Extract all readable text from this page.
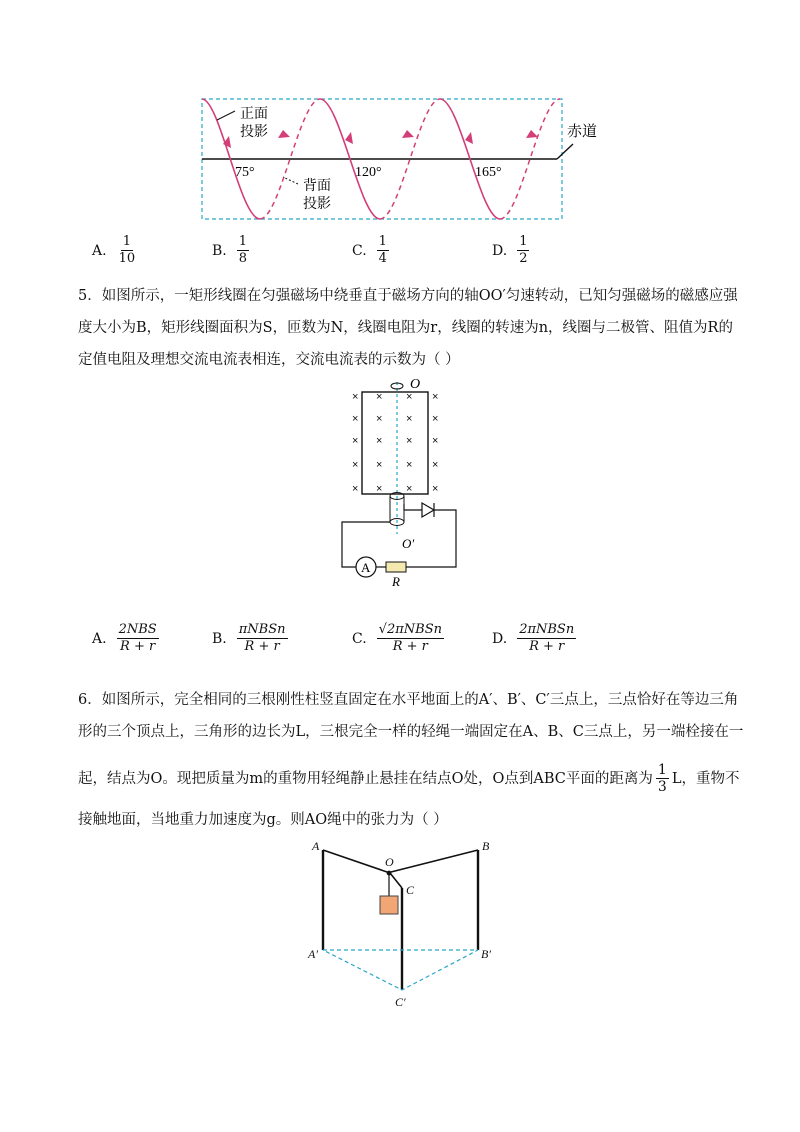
正面
投影
背面
投影
赤道
75°	120°	165°
A. $\frac{1}{10}$	B. $\frac{1}{8}$	C. $\frac{1}{4}$	D. $\frac{1}{2}$
5．如图所示，一矩形线圈在匀强磁场中绕垂直于磁场方向的轴OO′匀速转动，已知匀强磁场的磁感应强
度大小为B，矩形线圈面积为S，匝数为N，线圈电阻为r，线圈的转速为n，线圈与二极管、阻值为R的
定值电阻及理想交流电流表相连，交流电流表的示数为（ ）
× × × ×
× × × ×
× × × ×
× × × ×
× × × ×
A
O
O′
R
A. $\frac{\text{2NBS}}{R + r}$	B. $\frac{\text{πNBSn}}{R + r}$	C. $\frac{\text{√2πNBSn}}{R + r}$	D. $\frac{\text{2πNBSn}}{R + r}$
6．如图所示，完全相同的三根刚性柱竖直固定在水平地面上的A′、B′、C′三点上，三点恰好在等边三角
形的三个顶点上，三角形的边长为L，三根完全一样的轻绳一端固定在A、B、C三点上，另一端栓接在一
起，结点为O。现把质量为m的重物用轻绳静止悬挂在结点O处，O点到ABC平面的距离为 $\frac{1}{3}$ L，重物不
接触地面，当地重力加速度为g。则AO绳中的张力为（ ）
A	B
C
O
A′	B′
C′
